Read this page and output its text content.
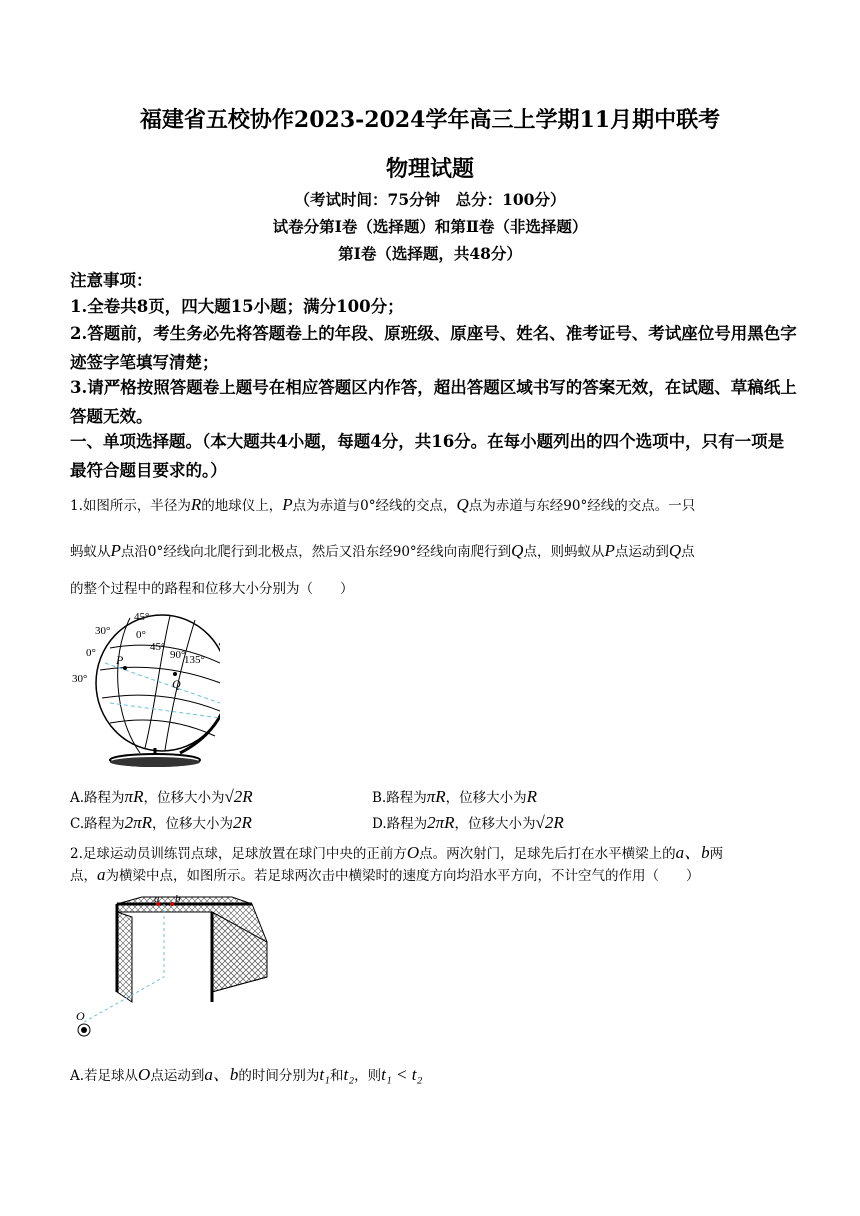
福建省五校协作2023-2024学年高三上学期11月期中联考
物理试题
（考试时间：75分钟　总分：100分）
试卷分第Ⅰ卷（选择题）和第Ⅱ卷（非选择题）
第Ⅰ卷（选择题，共48分）
注意事项：
1.全卷共8页，四大题15小题；满分100分；
2.答题前，考生务必先将答题卷上的年段、原班级、原座号、姓名、准考证号、考试座位号用黑色字迹签字笔填写清楚；
3.请严格按照答题卷上题号在相应答题区内作答，超出答题区域书写的答案无效，在试题、草稿纸上答题无效。
一、单项选择题。（本大题共4小题，每题4分，共16分。在每小题列出的四个选项中，只有一项是最符合题目要求的。）
1.如图所示，半径为R的地球仪上，P点为赤道与0°经线的交点，Q点为赤道与东经90°经线的交点。一只
蚂蚁从P点沿0°经线向北爬行到北极点，然后又沿东经90°经线向南爬行到Q点，则蚂蚁从P点运动到Q点
的整个过程中的路程和位移大小分别为（　　）
45°
30°
0°	45°
90°
135°
0°
30°
P
Q
A.路程为πR，位移大小为√2R	B.路程为πR，位移大小为R
C.路程为2πR，位移大小为2R	D.路程为2πR，位移大小为√2R
2.足球运动员训练罚点球，足球放置在球门中央的正前方O点。两次射门，足球先后打在水平横梁上的a、b两
点，a为横梁中点，如图所示。若足球两次击中横梁时的速度方向均沿水平方向，不计空气的作用（　　）
a b
O
A.若足球从O点运动到a、b的时间分别为t₁和t₂，则t₁ < t₂
